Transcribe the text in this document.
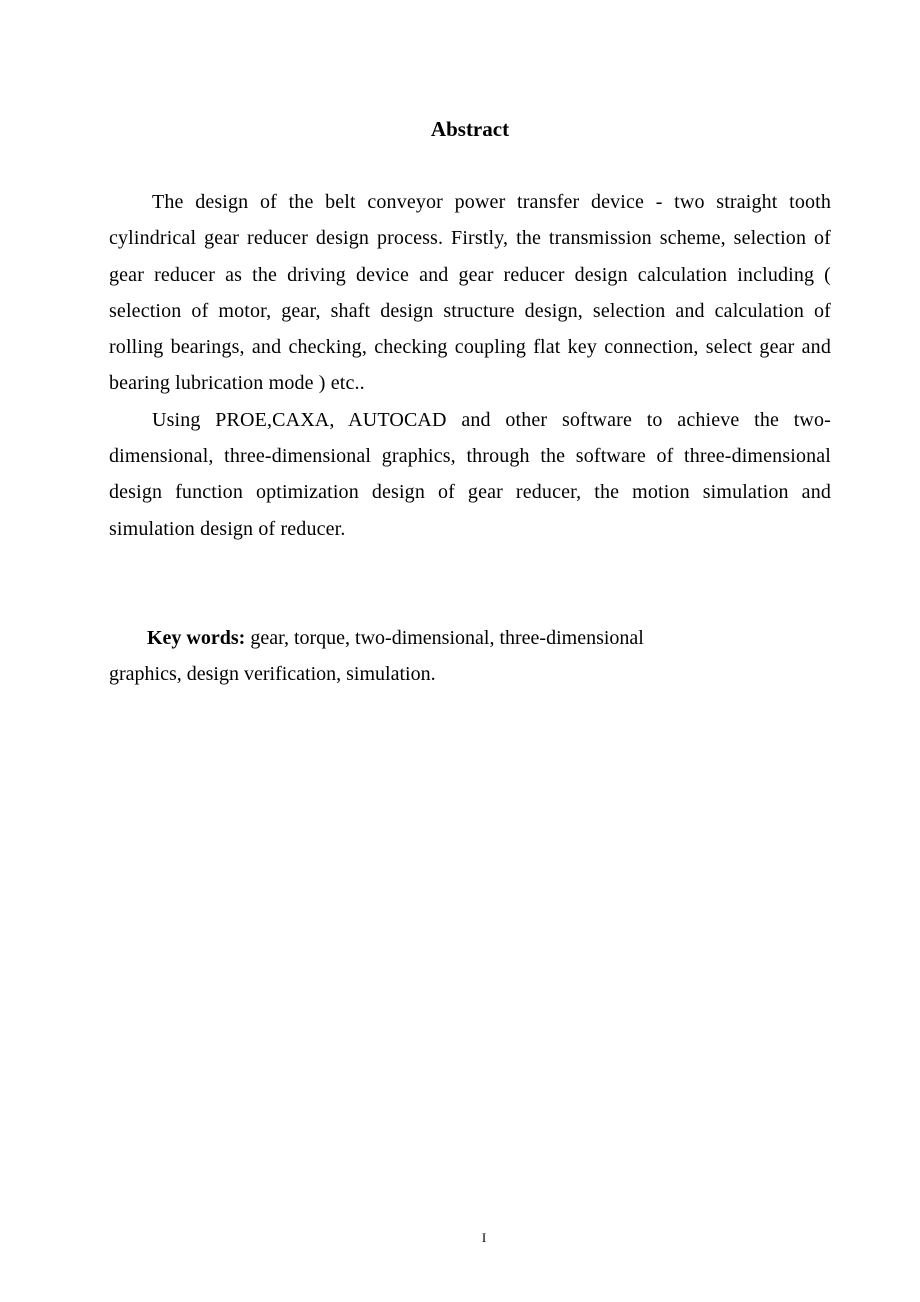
Abstract

The design of the belt conveyor power transfer device - two straight tooth cylindrical gear reducer design process. Firstly, the transmission scheme, selection of gear reducer as the driving device and gear reducer design calculation including ( selection of motor, gear, shaft design structure design, selection and calculation of rolling bearings, and checking, checking coupling flat key connection, select gear and bearing lubrication mode ) etc..

Using PROE,CAXA, AUTOCAD and other software to achieve the two-dimensional, three-dimensional graphics, through the software of three-dimensional design function optimization design of gear reducer, the motion simulation and simulation design of reducer.

Key words: gear, torque, two-dimensional, three-dimensional
graphics, design verification, simulation.
I
